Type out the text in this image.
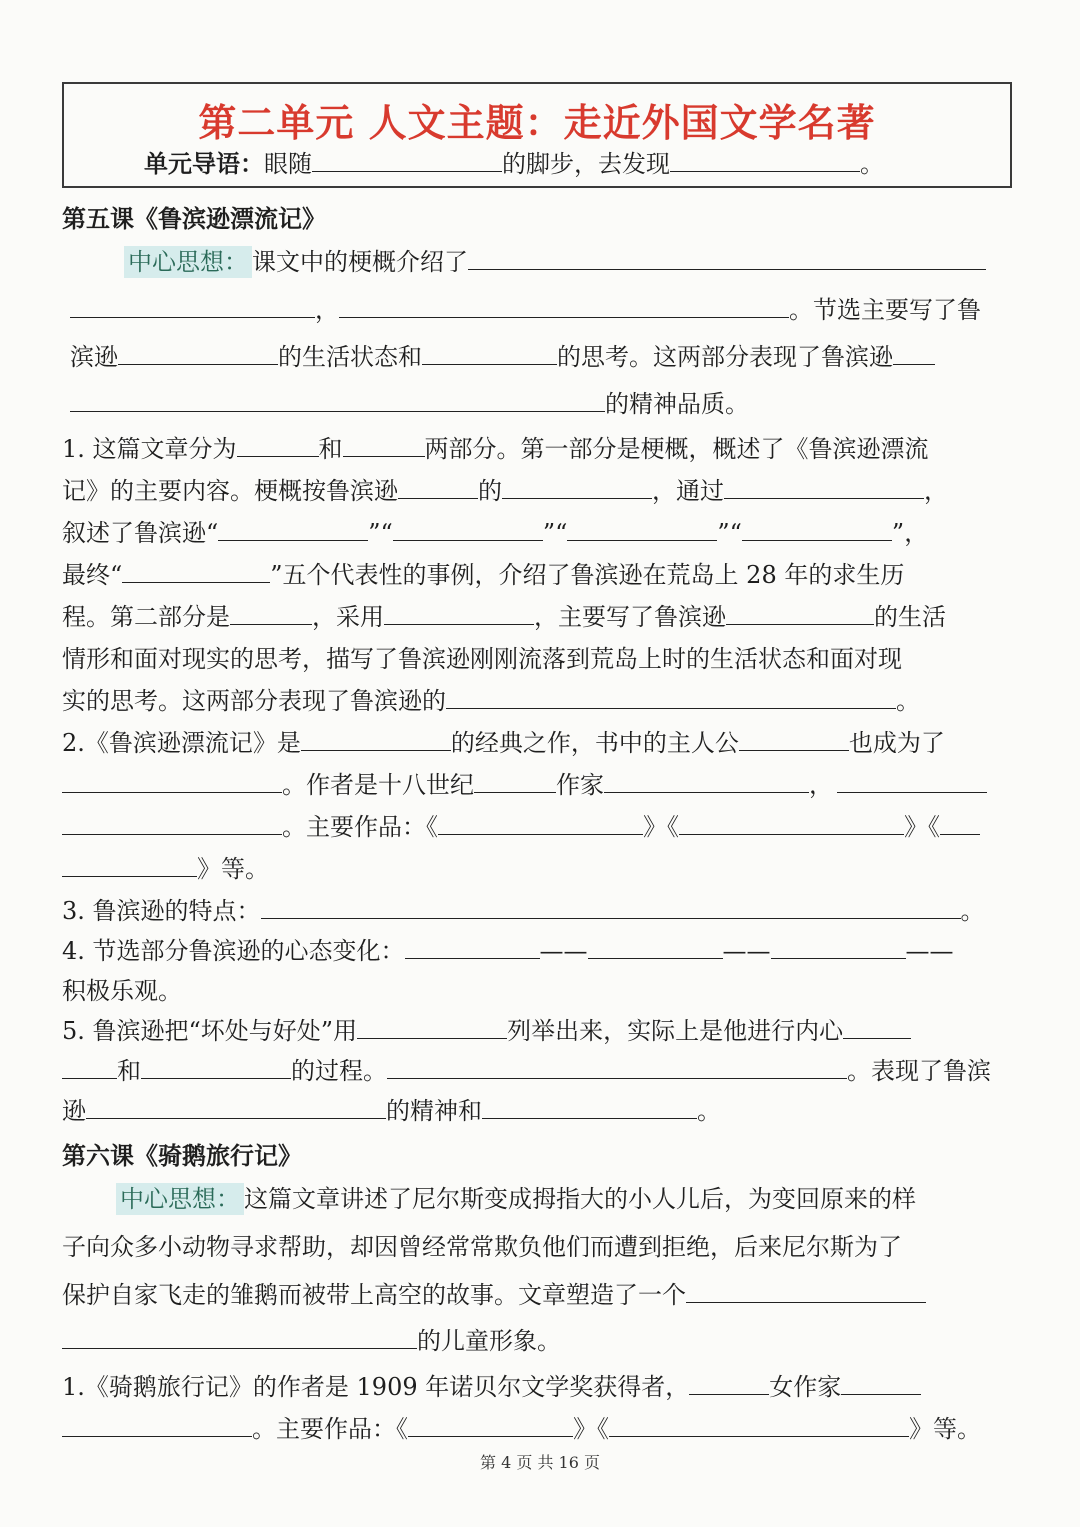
第二单元 人文主题：走近外国文学名著
单元导语：眼随	的脚步，去发现	。
第五课《鲁滨逊漂流记》
中心思想： 课文中的梗概介绍了
，	。节选主要写了鲁
滨逊	的生活状态和	的思考。这两部分表现了鲁滨逊
的精神品质。
1. 这篇文章分为	和	两部分。第一部分是梗概，概述了《鲁滨逊漂流
记》的主要内容。梗概按鲁滨逊	的	，通过	，
叙述了鲁滨逊“	”“	”“	”“	”，
最终“	”五个代表性的事例，介绍了鲁滨逊在荒岛上 28 年的求生历
程。第二部分是	，采用	，主要写了鲁滨逊	的生活
情形和面对现实的思考，描写了鲁滨逊刚刚流落到荒岛上时的生活状态和面对现
实的思考。这两部分表现了鲁滨逊的	。
2.《鲁滨逊漂流记》是	的经典之作，书中的主人公	也成为了
。作者是十八世纪	作家	，
。主要作品：《	》《	》《
》等。
3. 鲁滨逊的特点：	。
4. 节选部分鲁滨逊的心态变化：	——	——	——
积极乐观。
5. 鲁滨逊把“坏处与好处”用	列举出来，实际上是他进行内心
和	的过程。	。表现了鲁滨
逊	的精神和	。
第六课《骑鹅旅行记》
中心思想： 这篇文章讲述了尼尔斯变成拇指大的小人儿后，为变回原来的样
子向众多小动物寻求帮助，却因曾经常常欺负他们而遭到拒绝，后来尼尔斯为了
保护自家飞走的雏鹅而被带上高空的故事。文章塑造了一个
的儿童形象。
1.《骑鹅旅行记》的作者是 1909 年诺贝尔文学奖获得者，	女作家
。主要作品：《	》《	》等。
第 4 页 共 16 页
